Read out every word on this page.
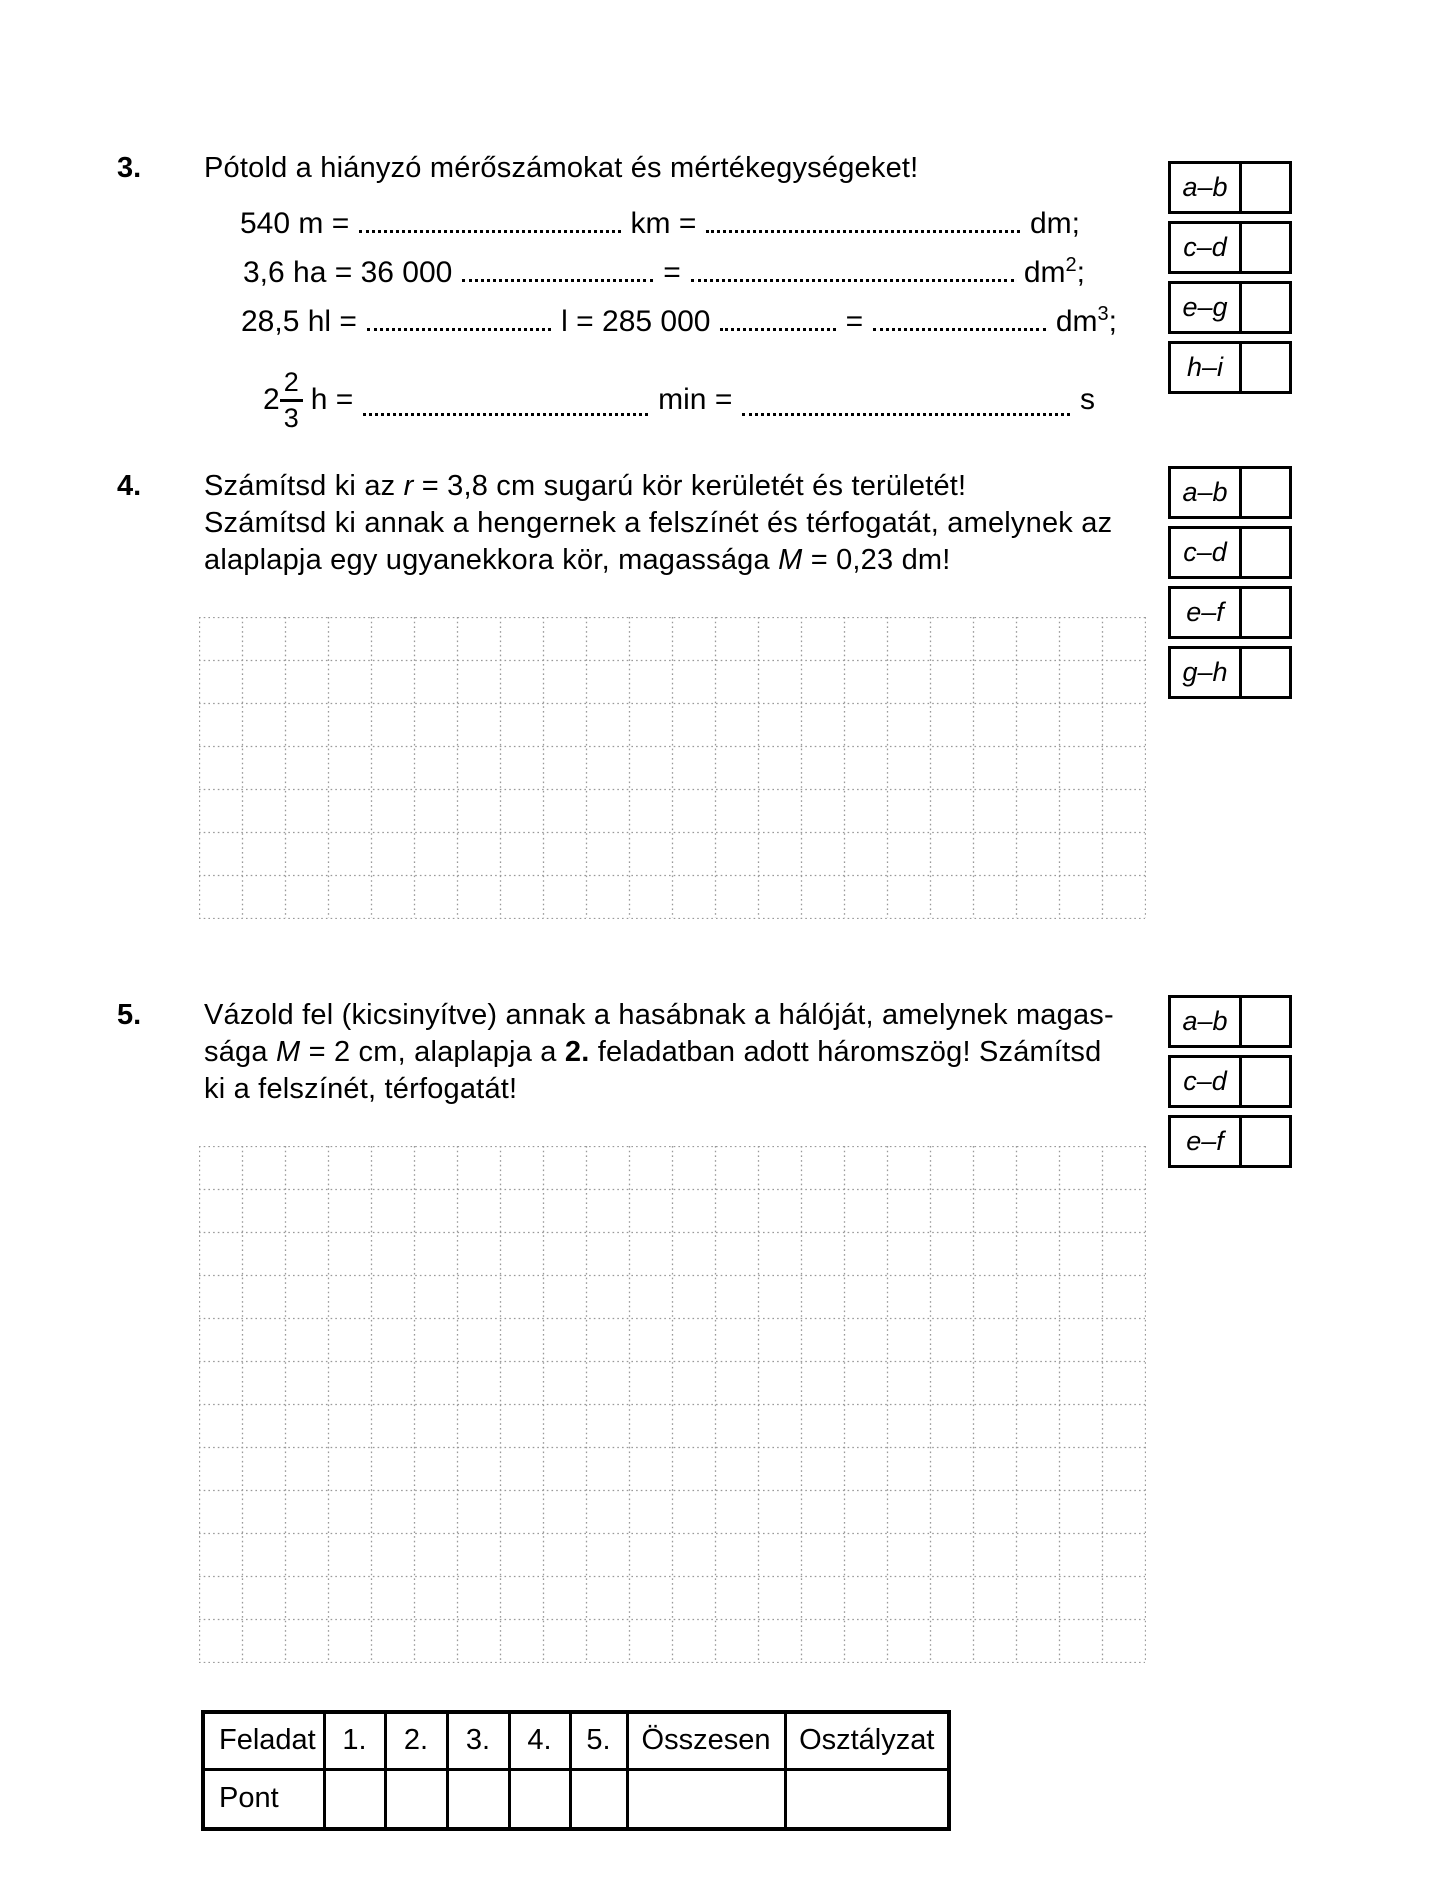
3. Pótold a hiányzó mérőszámokat és mértékegységeket!
540 m =	km =	dm;
3,6 ha = 36 000	=	$dm^2$;
28,5 hl =	l = 285 000	=	$dm^3$;
$2 \frac{2}{3}$ h =	min =	s
a–b
c–d
e–g
h–i
4. Számítsd ki az r = 3,8 cm sugarú kör kerületét és területét!
Számítsd ki annak a hengernek a felszínét és térfogatát, amelynek az
alaplapja egy ugyanekkora kör, magassága M = 0,23 dm!
a–b
c–d
e–f
g–h
5. Vázold fel (kicsinyítve) annak a hasábnak a hálóját, amelynek magas-
sága M = 2 cm, alaplapja a 2. feladatban adott háromszög! Számítsd
ki a felszínét, térfogatát!
a–b
c–d
e–f
Feladat	1.	2.	3.	4.	5.	Összesen	Osztályzat
Pont							
